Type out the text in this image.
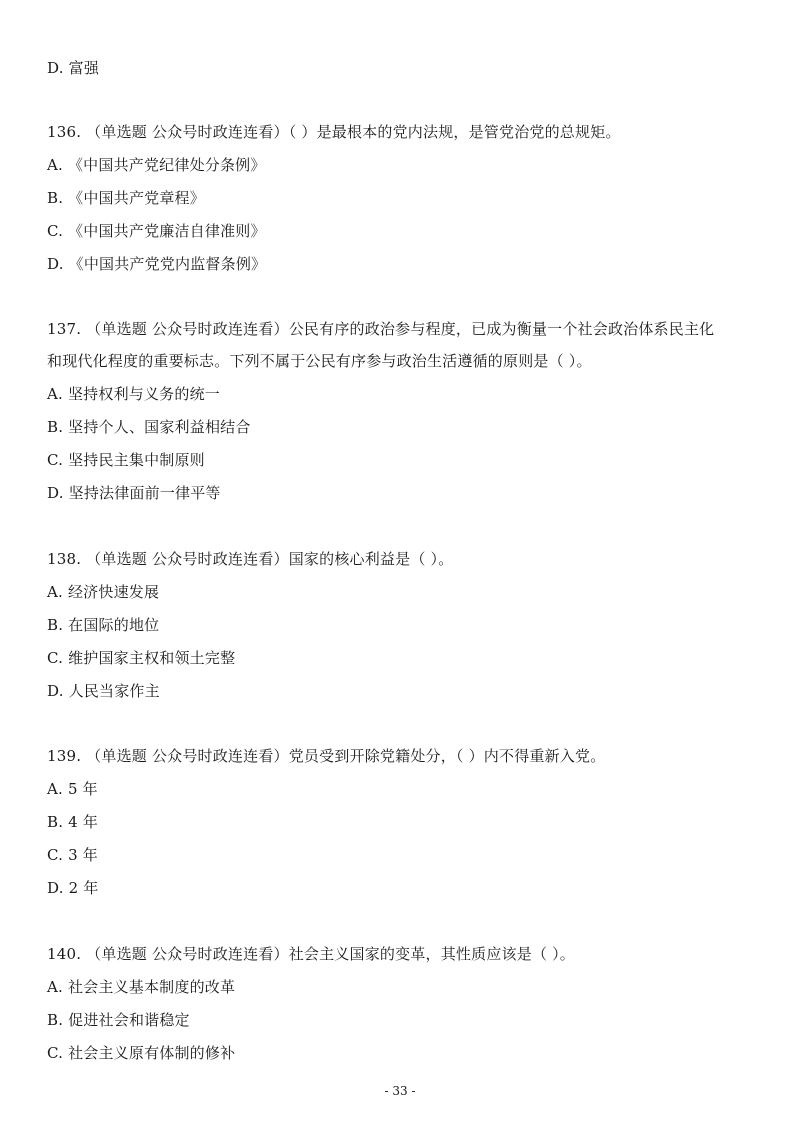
D. 富强
136. （单选题 公众号时政连连看）（ ）是最根本的党内法规，是管党治党的总规矩。
A. 《中国共产党纪律处分条例》
B. 《中国共产党章程》
C. 《中国共产党廉洁自律准则》
D. 《中国共产党党内监督条例》
137. （单选题 公众号时政连连看）公民有序的政治参与程度，已成为衡量一个社会政治体系民主化
和现代化程度的重要标志。下列不属于公民有序参与政治生活遵循的原则是（ ）。
A. 坚持权利与义务的统一
B. 坚持个人、国家利益相结合
C. 坚持民主集中制原则
D. 坚持法律面前一律平等
138. （单选题 公众号时政连连看）国家的核心利益是（ ）。
A. 经济快速发展
B. 在国际的地位
C. 维护国家主权和领土完整
D. 人民当家作主
139. （单选题 公众号时政连连看）党员受到开除党籍处分，（ ）内不得重新入党。
A. 5 年
B. 4 年
C. 3 年
D. 2 年
140. （单选题 公众号时政连连看）社会主义国家的变革，其性质应该是（ ）。
A. 社会主义基本制度的改革
B. 促进社会和谐稳定
C. 社会主义原有体制的修补
- 33 -
